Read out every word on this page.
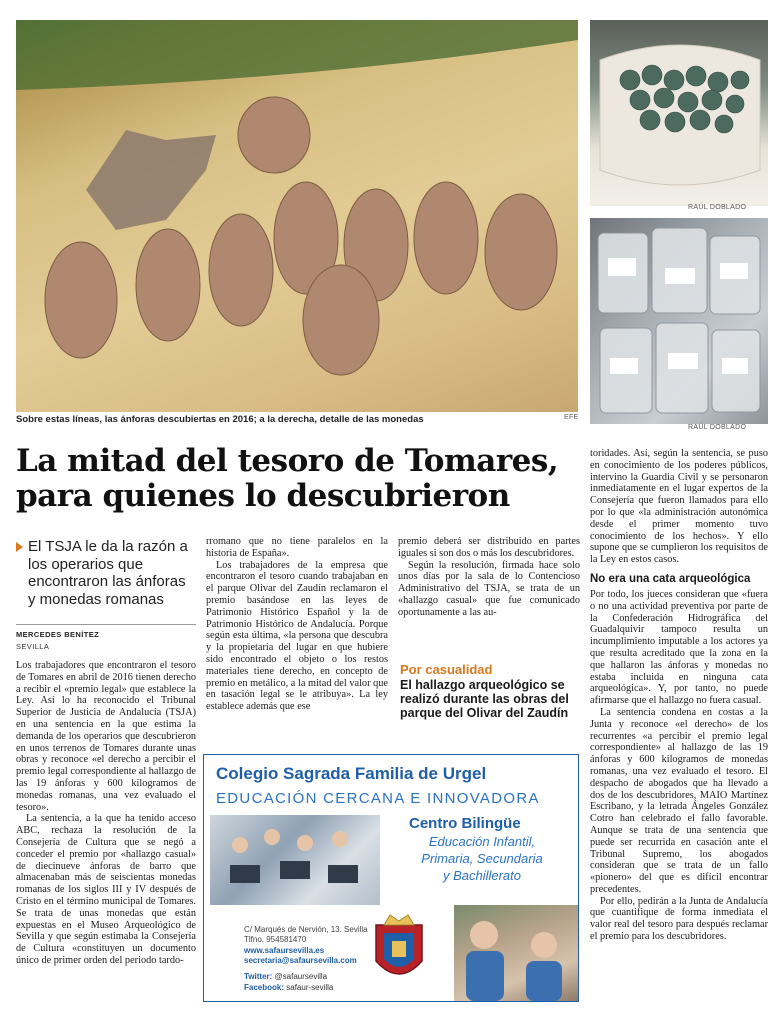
RAÚL DOBLADO
RAÚL DOBLADO
EFE
Sobre estas líneas, las ánforas descubiertas en 2016; a la derecha, detalle de las monedas
La mitad del tesoro de Tomares,
para quienes lo descubrieron
El TSJA le da la razón a los operarios que encontraron las ánforas y monedas romanas
MERCEDES BENÍTEZ
SEVILLA

Los trabajadores que encontraron el tesoro de Tomares en abril de 2016 tienen derecho a recibir el «premio legal» que establece la Ley. Así lo ha reconocido el Tribunal Superior de Justicia de Andalucía (TSJA) en una sentencia en la que estima la demanda de los operarios que descubrieron en unos terrenos de Tomares durante unas obras y reconoce «el derecho a percibir el premio legal correspondiente al hallazgo de las 19 ánforas y 600 kilogramos de monedas romanas, una vez evaluado el tesoro».

La sentencia, a la que ha tenido acceso ABC, rechaza la resolución de la Consejería de Cultura que se negó a conceder el premio por «hallazgo casual» de diecinueve ánforas de barro que almacenaban más de seiscientas monedas romanas de los siglos III y IV después de Cristo en el término municipal de Tomares. Se trata de unas monedas que están expuestas en el Museo Arqueológico de Sevilla y que según estimaba la Consejería de Cultura «constituyen un documento único de primer orden del periodo tardo-

rromano que no tiene paralelos en la historia de España».

Los trabajadores de la empresa que encontraron el tesoro cuando trabajaban en el parque Olivar del Zaudín reclamaron el premio basándose en las leyes de Patrimonio Histórico Español y la de Patrimonio Histórico de Andalucía. Porque según esta última, «la persona que descubra y la propietaria del lugar en que hubiere sido encontrado el objeto o los restos materiales tiene derecho, en concepto de premio en metálico, a la mitad del valor que en tasación legal se le atribuya». La ley establece además que ese

premio deberá ser distribuido en partes iguales si son dos o más los descubridores.

Según la resolución, firmada hace solo unos días por la sala de lo Contencioso Administrativo del TSJA, se trata de un «hallazgo casual» que fue comunicado oportunamente a las au-

Por casualidad
El hallazgo arqueológico se realizó durante las obras del parque del Olivar del Zaudín

toridades. Así, según la sentencia, se puso en conocimiento de los poderes públicos, intervino la Guardia Civil y se personaron inmediatamente en el lugar expertos de la Consejería que fueron llamados para ello por lo que «la administración autonómica desde el primer momento tuvo conocimiento de los hechos». Y ello supone que se cumplieron los requisitos de la Ley en estos casos.

No era una cata arqueológica

Por todo, los jueces consideran que «fuera o no una actividad preventiva por parte de la Confederación Hidrográfica del Guadalquivir tampoco resulta un incumplimiento imputable a los actores ya que resulta acreditado que la zona en la que hallaron las ánforas y monedas no estaba incluida en ninguna cata arqueológica». Y, por tanto, no puede afirmarse que el hallazgo no fuera casual.

La sentencia condena en costas a la Junta y reconoce «el derecho» de los recurrentes «a percibir el premio legal correspondiente» al hallazgo de las 19 ánforas y 600 kilogramos de monedas romanas, una vez evaluado el tesoro. El despacho de abogados que ha llevado a dos de los descubridores, MAIO Martínez Escribano, y la letrada Ángeles González Cotro han celebrado el fallo favorable. Aunque se trata de una sentencia que puede ser recurrida en casación ante el Tribunal Supremo, los abogados consideran que se trata de un fallo «pionero» del que es difícil encontrar precedentes.

Por ello, pedirán a la Junta de Andalucía que cuantifique de forma inmediata el valor real del tesoro para después reclamar el premio para los descubridores.

Colegio Sagrada Familia de Urgel
EDUCACIÓN CERCANA E INNOVADORA
Centro Bilingüe
Educación Infantil,
Primaria, Secundaria
y Bachillerato
C/ Marqués de Nervión, 13. Sevilla
Tlfno. 954581470
www.safaursevilla.es
secretaria@safaursevilla.com
Twitter: @safaursevilla
Facebook: safaur-sevilla
